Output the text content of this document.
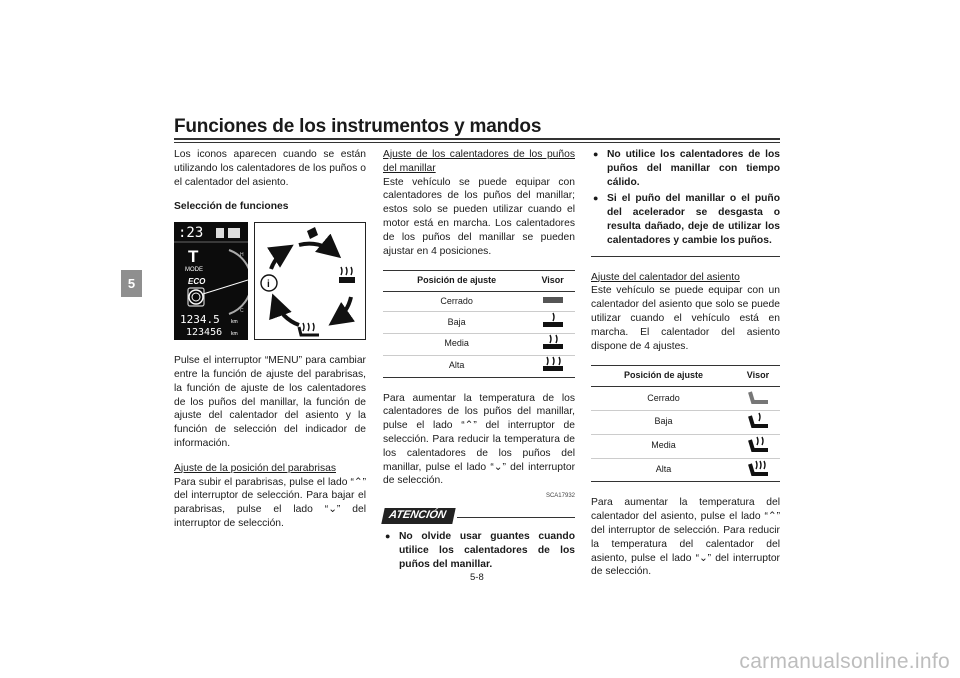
Funciones de los instrumentos y mandos
5

Los iconos aparecen cuando se están utilizando los calentadores de los puños o el calentador del asiento.

Selección de funciones

:23
T
MODE
ECO
H
C
1234.5 km
123456 km
i

Pulse el interruptor “MENU” para cambiar entre la función de ajuste del parabrisas, la función de ajuste de los calentadores de los puños del manillar, la función de ajuste del calentador del asiento y la función de selección del indicador de información.

Ajuste de la posición del parabrisas

Para subir el parabrisas, pulse el lado “⌃” del interruptor de selección. Para bajar el parabrisas, pulse el lado “⌄” del interruptor de selección.

Ajuste de los calentadores de los puños del manillar

Este vehículo se puede equipar con calentadores de los puños del manillar; estos solo se pueden utilizar cuando el motor está en marcha. Los calentadores de los puños del manillar se pueden ajustar en 4 posiciones.

Posición de ajuste	Visor
Cerrado	
Baja	
Media	
Alta	

Para aumentar la temperatura de los calentadores de los puños del manillar, pulse el lado “⌃” del interruptor de selección. Para reducir la temperatura de los calentadores de los puños del manillar, pulse el lado “⌄” del interruptor de selección.

SCA17932
ATENCIÓN
● No olvide usar guantes cuando utilice los calentadores de los puños del manillar.
● No utilice los calentadores de los puños del manillar con tiempo cálido.
● Si el puño del manillar o el puño del acelerador se desgasta o resulta dañado, deje de utilizar los calentadores y cambie los puños.

Ajuste del calentador del asiento

Este vehículo se puede equipar con un calentador del asiento que solo se puede utilizar cuando el vehículo está en marcha. El calentador del asiento dispone de 4 ajustes.

Posición de ajuste	Visor
Cerrado	
Baja	
Media	
Alta	

Para aumentar la temperatura del calentador del asiento, pulse el lado “⌃” del interruptor de selección. Para reducir la temperatura del calentador del asiento, pulse el lado “⌄” del interruptor de selección.

5-8
carmanualsonline.info
